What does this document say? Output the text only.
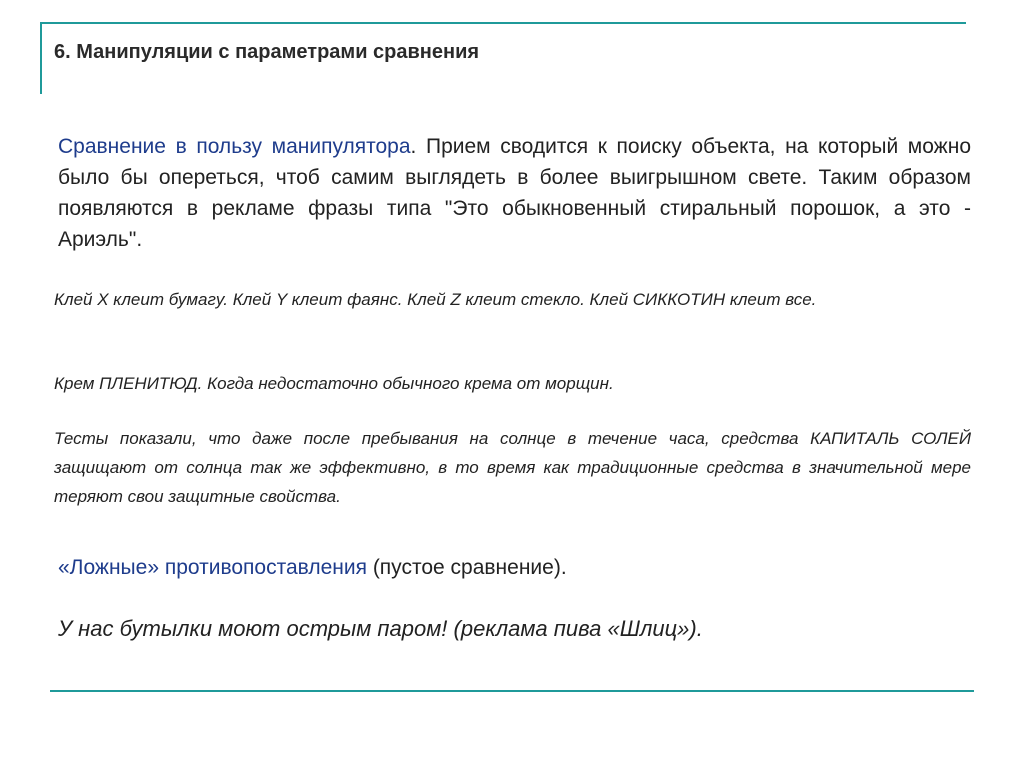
6. Манипуляции с параметрами сравнения

Сравнение в пользу манипулятора. Прием сводится к поиску объекта, на который можно было бы опереться, чтоб самим выглядеть в более выигрышном свете. Таким образом появляются в рекламе фразы типа "Это обыкновенный стиральный порошок, а это - Ариэль".

Клей X клеит бумагу. Клей Y клеит фаянс. Клей Z клеит стекло. Клей СИККОТИН клеит все.

Крем ПЛЕНИТЮД. Когда недостаточно обычного крема от морщин.

Тесты показали, что даже после пребывания на солнце в течение часа, средства КАПИТАЛЬ СОЛЕЙ защищают от солнца так же эффективно, в то время как традиционные средства в значительной мере теряют свои защитные свойства.

«Ложные» противопоставления (пустое сравнение).

У нас бутылки моют острым паром! (реклама пива «Шлиц»).
